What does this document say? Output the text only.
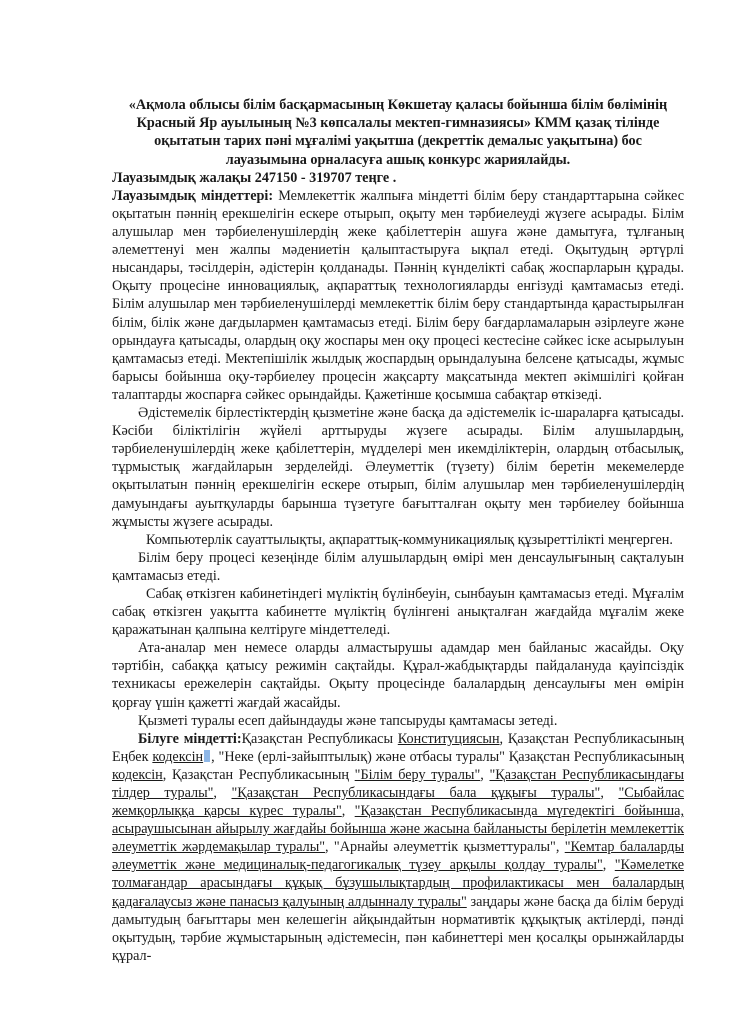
«Ақмола облысы білім басқармасының Көкшетау қаласы бойынша білім бөлімінің Красный Яр ауылының №3 көпсалалы мектеп-гимназиясы» КММ қазақ тілінде оқытатын тарих пәні мұғалімі уақытша (декреттік демалыс уақытына) бос лауазымына орналасуға ашық конкурс жариялайды.

Лауазымдық жалақы 247150 - 319707 теңге .

Лауазымдық міндеттері: Мемлекеттік жалпыға міндетті білім беру стандарттарына сәйкес оқытатын пәннің ерекшелігін ескере отырып, оқыту мен тәрбиелеуді жүзеге асырады. Білім алушылар мен тәрбиеленушілердің жеке қабілеттерін ашуға және дамытуға, тұлғаның әлеметтенуі мен жалпы мәдениетін қалыптастыруға ықпал етеді. Оқытудың әртүрлі нысандары, тәсілдерін, әдістерін қолданады. Пәннің күнделікті сабақ жоспарларын құрады. Оқыту процесіне инновациялық, ақпараттық технологияларды енгізуді қамтамасыз етеді. Білім алушылар мен тәрбиеленушілерді мемлекеттік білім беру стандартында қарастырылған білім, білік және дағдылармен қамтамасыз етеді. Білім беру бағдарламаларын әзірлеуге және орындауға қатысады, олардың оқу жоспары мен оқу процесі кестесіне сәйкес іске асырылуын қамтамасыз етеді. Мектепішілік жылдық жоспардың орындалуына белсене қатысады, жұмыс барысы бойынша оқу-тәрбиелеу процесін жақсарту мақсатында мектеп әкімшілігі қойған талаптарды жоспарға сәйкес орындайды. Қажетінше қосымша сабақтар өткізеді.

Әдістемелік бірлестіктердің қызметіне және басқа да әдістемелік іс-шараларға қатысады. Кәсіби біліктілігін жүйелі арттыруды жүзеге асырады. Білім алушылардың, тәрбиеленушілердің жеке қабілеттерін, мүдделері мен икемділіктерін, олардың отбасылық, тұрмыстық жағдайларын зерделейді. Әлеуметтік (түзету) білім беретін мекемелерде оқытылатын пәннің ерекшелігін ескере отырып, білім алушылар мен тәрбиеленушілердің дамуындағы ауытқуларды барынша түзетуге бағытталған оқыту мен тәрбиелеу бойынша жұмысты жүзеге асырады.

Компьютерлік сауаттылықты, ақпараттық-коммуникациялық құзыреттілікті меңгерген.

Білім беру процесі кезеңінде білім алушылардың өмірі мен денсаулығының сақталуын қамтамасыз етеді.

Сабақ өткізген кабинетіндегі мүліктің бүлінбеуін, сынбауын қамтамасыз етеді. Мұғалім сабақ өткізген уақытта кабинетте мүліктің бүлінгені анықталған жағдайда мұғалім жеке қаражатынан қалпына келтіруге міндеттеледі.

Ата-аналар мен немесе оларды алмастырушы адамдар мен байланыс жасайды. Оқу тәртібін, сабаққа қатысу режимін сақтайды. Құрал-жабдықтарды пайдалануда қауіпсіздік техникасы ережелерін сақтайды. Оқыту процесінде балалардың денсаулығы мен өмірін қорғау үшін қажетті жағдай жасайды.

Қызметі туралы есеп дайындауды және тапсыруды қамтамасы зетеді.

Білуге міндетті:Қазақстан Республикасы Конституциясын, Қазақстан Республикасының Еңбек кодексін , "Неке (ерлі-зайыптылық) және отбасы туралы" Қазақстан Республикасының кодексін, Қазақстан Республикасының "Білім беру туралы", "Қазақстан Республикасындағы тілдер туралы", "Қазақстан Республикасындағы бала құқығы туралы", "Сыбайлас жемқорлыққа қарсы күрес туралы", "Қазақстан Республикасында мүгедектігі бойынша, асыраушысынан айырылу жағдайы бойынша және жасына байланысты берілетін мемлекеттік әлеуметтік жәрдемақылар туралы", "Арнайы әлеуметтік қызметтуралы", "Кемтар балаларды әлеуметтік және медициналық-педагогикалық түзеу арқылы қолдау туралы", "Кәмелетке толмағандар арасындағы құқық бұзушылықтардың профилактикасы мен балалардың қадағалаусыз және панасыз қалуының алдынналу туралы" заңдары және басқа да білім беруді дамытудың бағыттары мен келешегін айқындайтын нормативтік құқықтық актілерді, пәнді оқытудың, тәрбие жұмыстарының әдістемесін, пән кабинеттері мен қосалқы орынжайларды құрал-
